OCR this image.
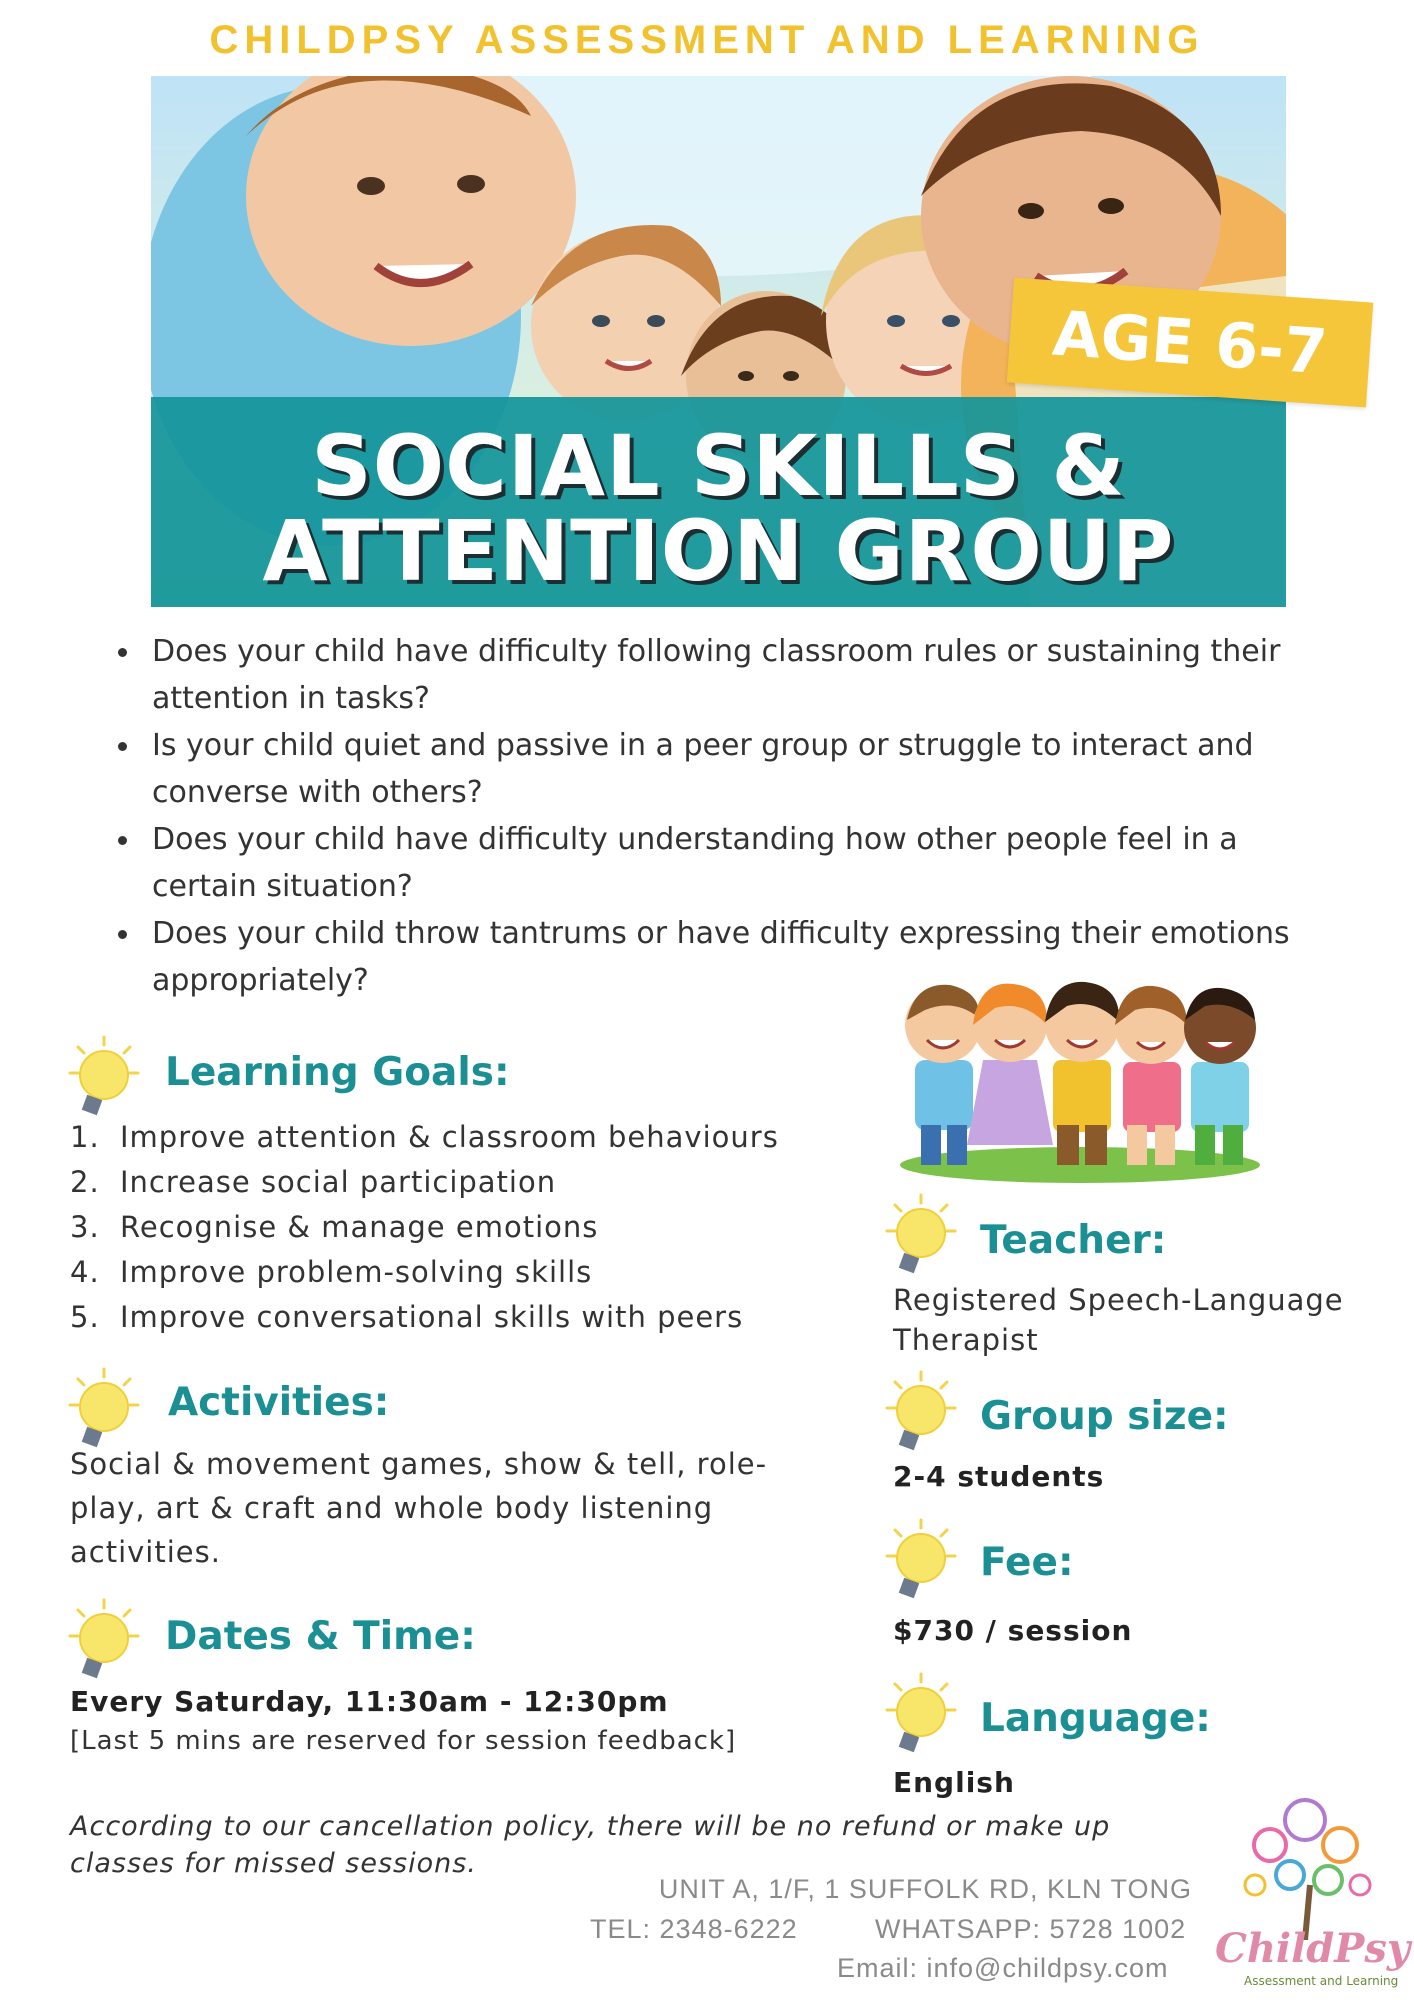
CHILDPSY ASSESSMENT AND LEARNING
SOCIAL SKILLS &
ATTENTION GROUP
AGE 6-7
Does your child have difficulty following classroom rules or sustaining their attention in tasks?
Is your child quiet and passive in a peer group or struggle to interact and converse with others?
Does your child have difficulty understanding how other people feel in a certain situation?
Does your child throw tantrums or have difficulty expressing their emotions appropriately?
Learning Goals:
1. Improve attention & classroom behaviours
2. Increase social participation
3. Recognise & manage emotions
4. Improve problem-solving skills
5. Improve conversational skills with peers
Activities:
Social & movement games, show & tell, role-play, art & craft and whole body listening activities.
Dates & Time:
Every Saturday, 11:30am - 12:30pm
[Last 5 mins are reserved for session feedback]
Teacher:
Registered Speech-Language Therapist
Group size:
2-4 students
Fee:
$730 / session
Language:
English
According to our cancellation policy, there will be no refund or make up classes for missed sessions.
UNIT A, 1/F, 1 SUFFOLK RD, KLN TONG
TEL: 2348-6222	WHATSAPP: 5728 1002
Email: info@childpsy.com ChildPsy
Assessment and Learning
